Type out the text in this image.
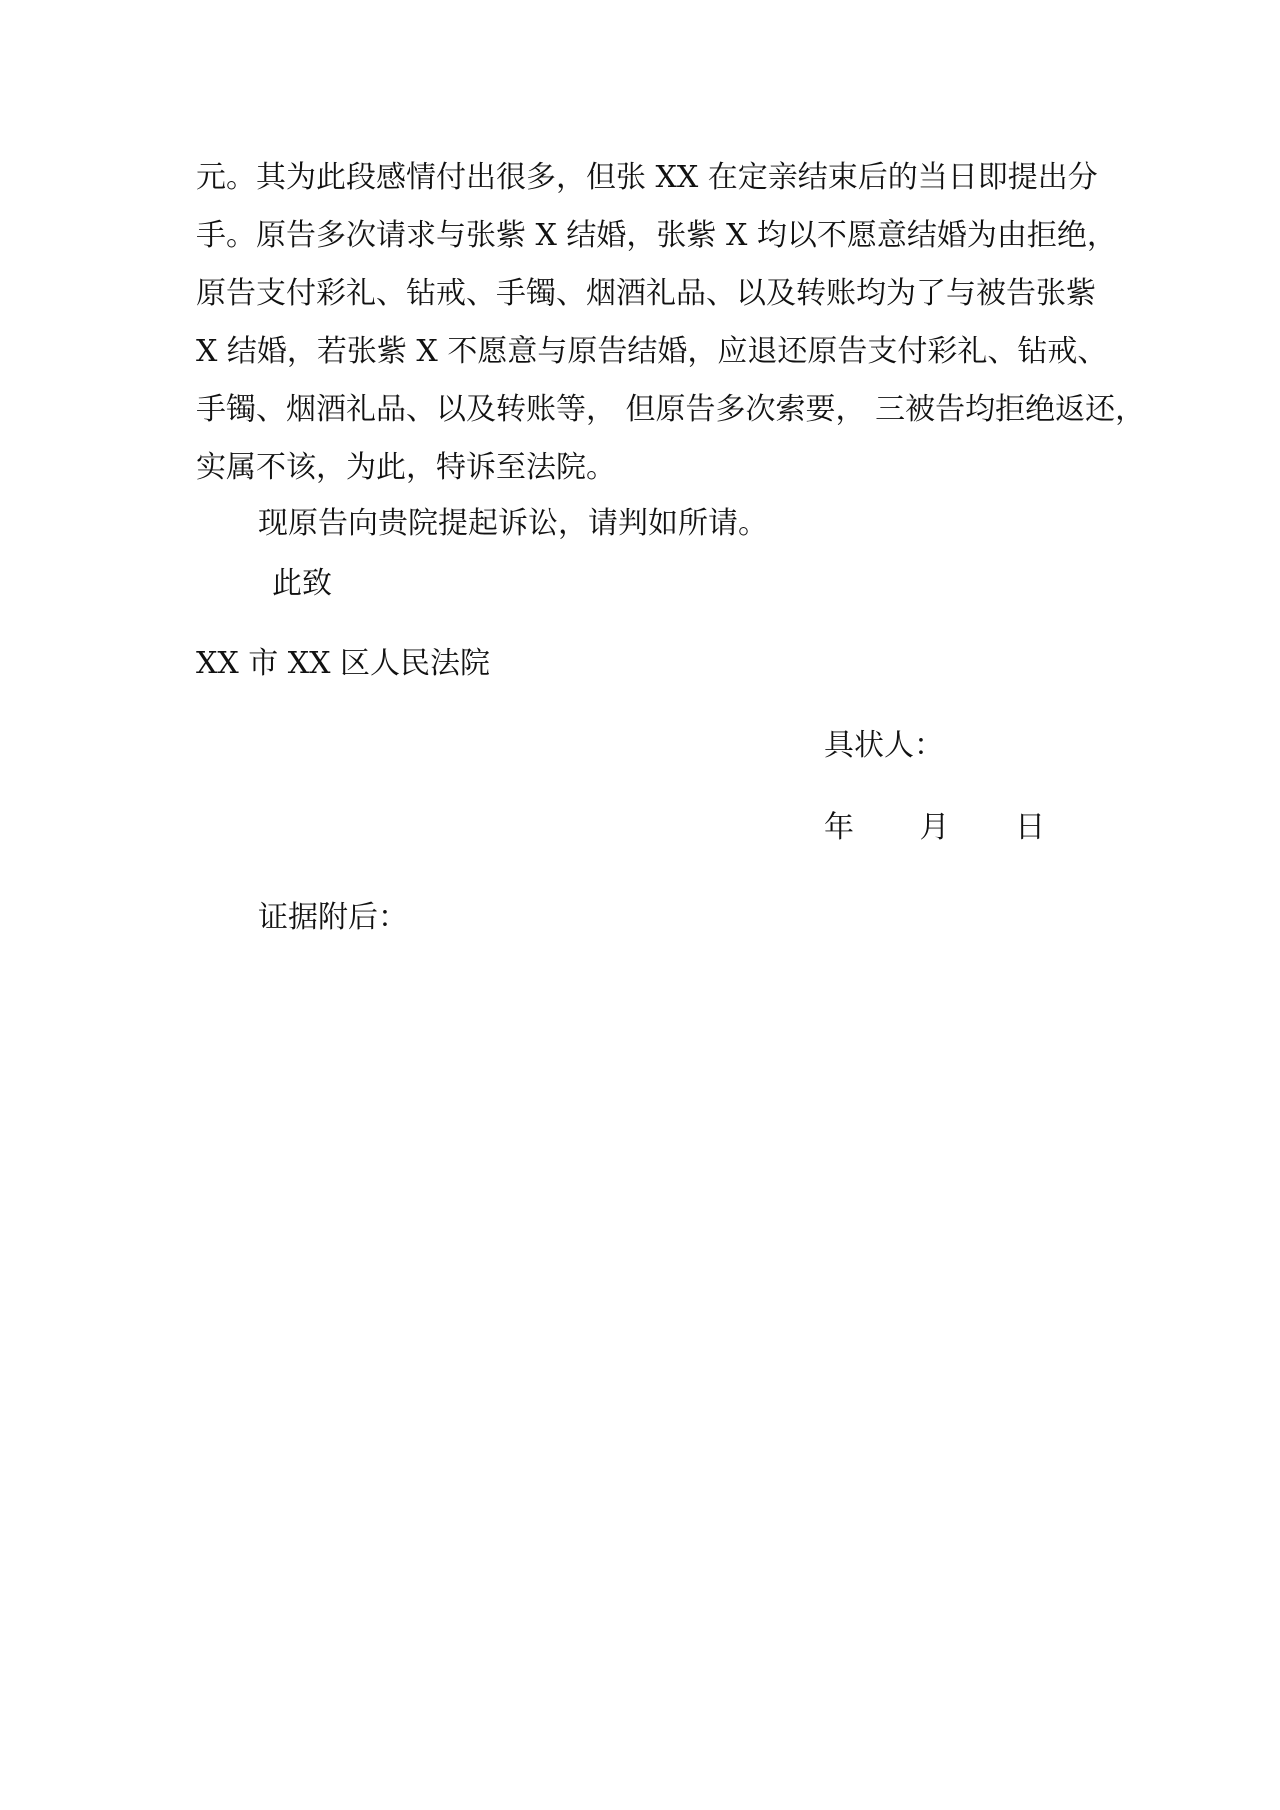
元。其为此段感情付出很多，但张 XX 在定亲结束后的当日即提出分
手。原告多次请求与张紫 X 结婚，张紫 X 均以不愿意结婚为由拒绝，
原告支付彩礼、钻戒、手镯、烟酒礼品、以及转账均为了与被告张紫
X 结婚，若张紫 X 不愿意与原告结婚，应退还原告支付彩礼、钻戒、
手镯、烟酒礼品、以及转账等， 但原告多次索要， 三被告均拒绝返还，
实属不该，为此，特诉至法院。
现原告向贵院提起诉讼，请判如所请。
此致
XX 市 XX 区人民法院
具状人：
年 月 日
证据附后：
